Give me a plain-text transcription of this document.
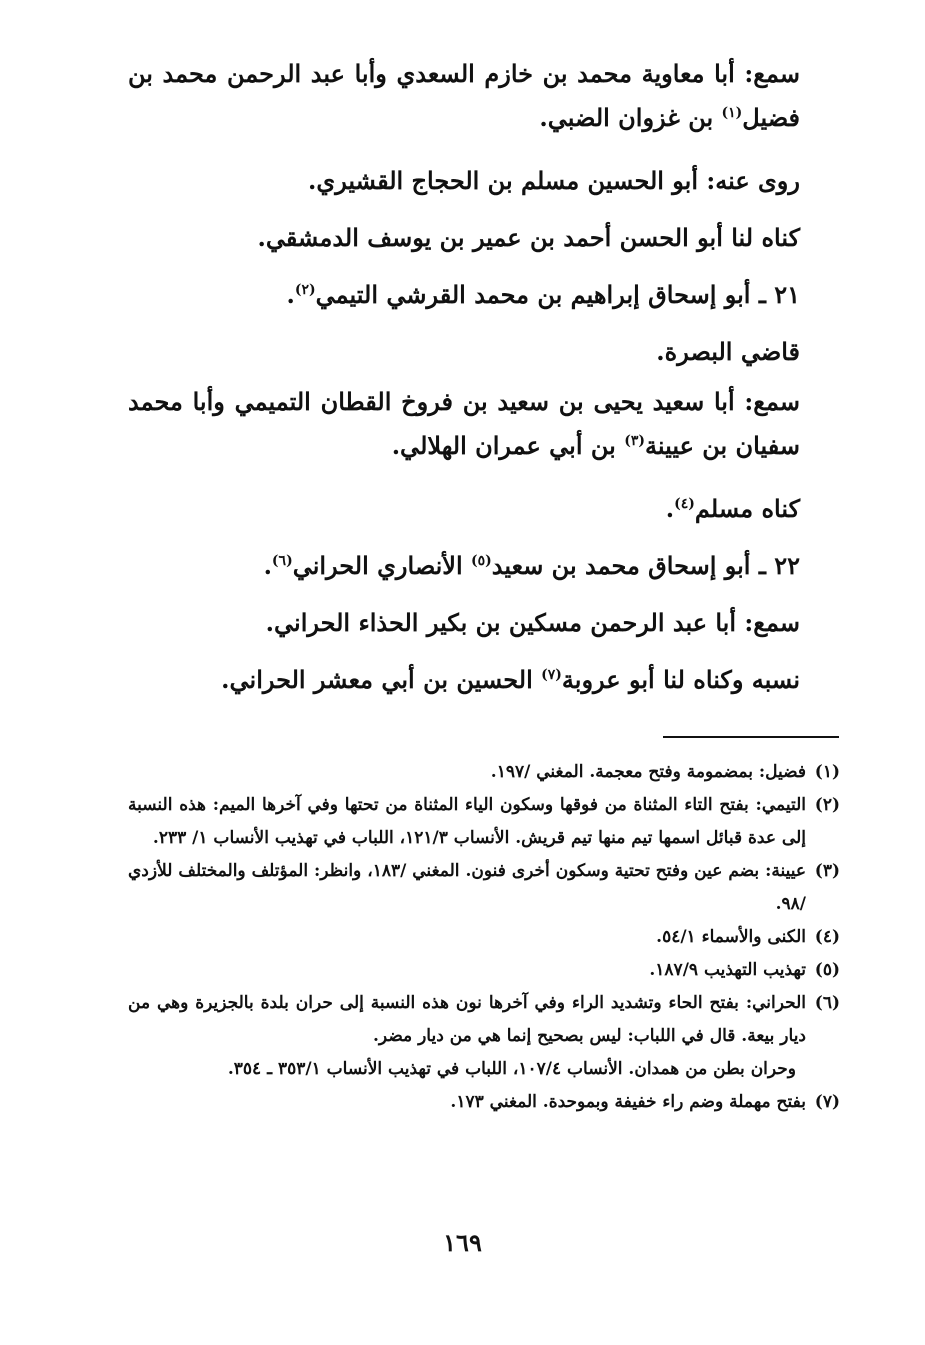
سمع: أبا معاوية محمد بن خازم السعدي وأبا عبد الرحمن محمد بن فضيل$^{(١)}$ بن غزوان الضبي.

روى عنه: أبو الحسين مسلم بن الحجاج القشيري.

كناه لنا أبو الحسن أحمد بن عمير بن يوسف الدمشقي.

٢١ ـ أبو إسحاق إبراهيم بن محمد القرشي التيمي$^{(٢)}$.

قاضي البصرة.

سمع: أبا سعيد يحيى بن سعيد بن فروخ القطان التميمي وأبا محمد سفيان بن عيينة$^{(٣)}$ بن أبي عمران الهلالي.

كناه مسلم$^{(٤)}$.

٢٢ ـ أبو إسحاق محمد بن سعيد$^{(٥)}$ الأنصاري الحراني$^{(٦)}$.

سمع: أبا عبد الرحمن مسكين بن بكير الحذاء الحراني.

نسبه وكناه لنا أبو عروبة$^{(٧)}$ الحسين بن أبي معشر الحراني.

(١)
فضيل: بمضمومة وفتح معجمة. المغني /١٩٧.
(٢)
التيمي: بفتح التاء المثناة من فوقها وسكون الياء المثناة من تحتها وفي آخرها الميم: هذه النسبة إلى عدة قبائل اسمها تيم منها تيم قريش. الأنساب ١٢١/٣، اللباب في تهذيب الأنساب ١/ ٢٣٣.
(٣)
عيينة: بضم عين وفتح تحتية وسكون أخرى فنون. المغني /١٨٣، وانظر: المؤتلف والمختلف للأزدي /٩٨.
(٤)
الكنى والأسماء ٥٤/١.
(٥)
تهذيب التهذيب ١٨٧/٩.
(٦)
الحراني: بفتح الحاء وتشديد الراء وفي آخرها نون هذه النسبة إلى حران بلدة بالجزيرة وهي من ديار بيعة. قال في اللباب: ليس بصحيح إنما هي من ديار مضر.
وحران بطن من همدان. الأنساب ١٠٧/٤، اللباب في تهذيب الأنساب ٣٥٣/١ ـ ٣٥٤.
(٧)
بفتح مهملة وضم راء خفيفة وبموحدة. المغني ١٧٣.
١٦٩
